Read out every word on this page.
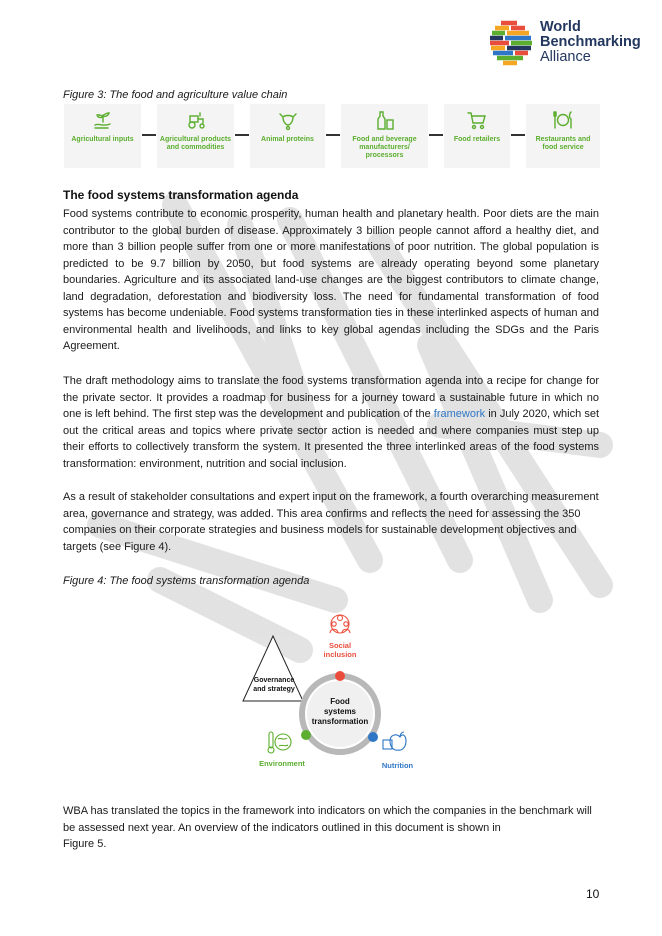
World
Benchmarking
Alliance
Figure 3: The food and agriculture value chain
Agricultural inputs	Agricultural products and commodities
Animal proteins	Food and beverage manufacturers/ processors
Food retailers	Restaurants and food service
The food systems transformation agenda

Food systems contribute to economic prosperity, human health and planetary health. Poor diets are the main contributor to the global burden of disease. Approximately 3 billion people cannot afford a healthy diet, and more than 3 billion people suffer from one or more manifestations of poor nutrition. The global population is predicted to be 9.7 billion by 2050, but food systems are already operating beyond some planetary boundaries. Agriculture and its associated land-use changes are the biggest contributors to climate change, land degradation, deforestation and biodiversity loss. The need for fundamental transformation of food systems has become undeniable. Food systems transformation ties in these interlinked aspects of human and environmental health and livelihoods, and links to key global agendas including the SDGs and the Paris Agreement.

The draft methodology aims to translate the food systems transformation agenda into a recipe for change for the private sector. It provides a roadmap for business for a journey toward a sustainable future in which no one is left behind. The first step was the development and publication of the framework in July 2020, which set out the critical areas and topics where private sector action is needed and where companies must step up their efforts to collectively transform the system. It presented the three interlinked areas of the food systems transformation: environment, nutrition and social inclusion.

As a result of stakeholder consultations and expert input on the framework, a fourth overarching measurement area, governance and strategy, was added. This area confirms and reflects the need for assessing the 350 companies on their corporate strategies and business models for sustainable development objectives and targets (see Figure 4).

Figure 4: The food systems transformation agenda
Governance
and strategy
Social
inclusion
Food
systems
transformation
Environment	Nutrition

WBA has translated the topics in the framework into indicators on which the companies in the benchmark will be assessed next year. An overview of the indicators outlined in this document is shown in
Figure 5.

10
